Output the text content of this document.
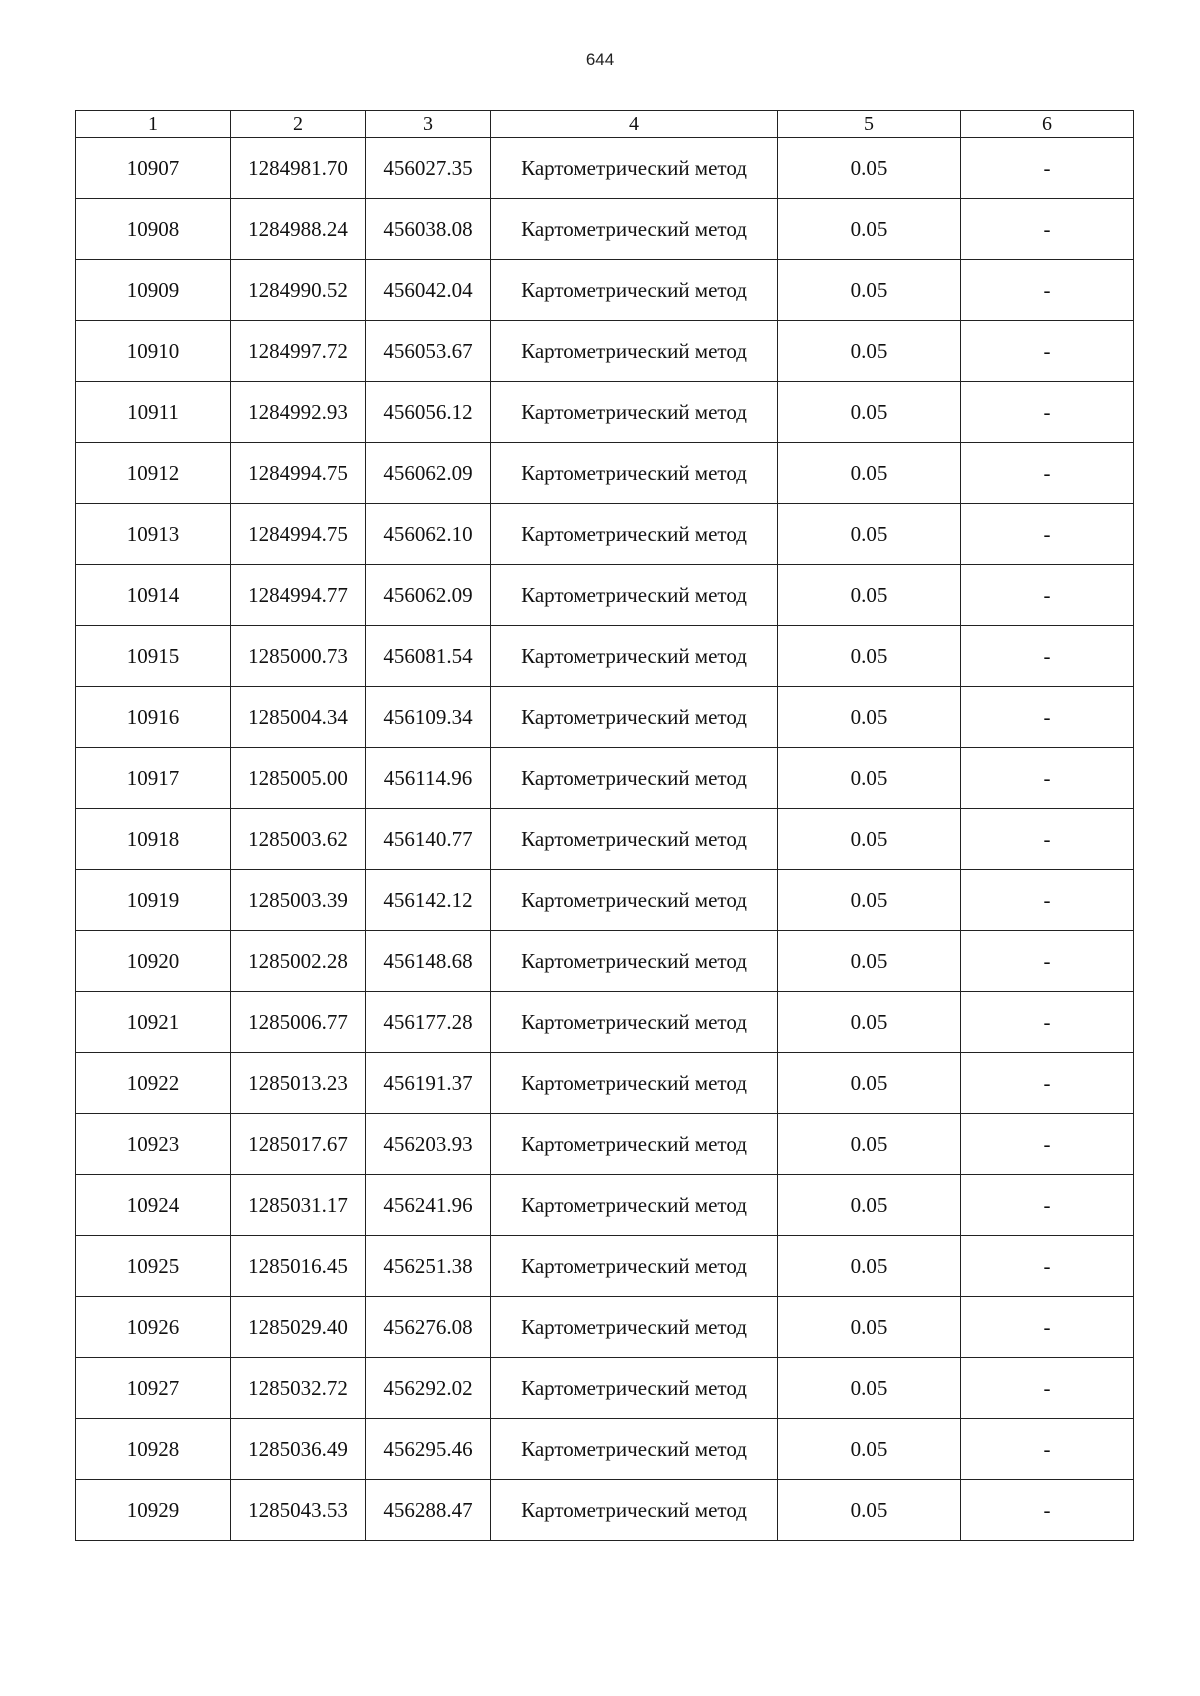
644
1	2	3	4	5	6
10907	1284981.70	456027.35	Картометрический метод	0.05	-
10908	1284988.24	456038.08	Картометрический метод	0.05	-
10909	1284990.52	456042.04	Картометрический метод	0.05	-
10910	1284997.72	456053.67	Картометрический метод	0.05	-
10911	1284992.93	456056.12	Картометрический метод	0.05	-
10912	1284994.75	456062.09	Картометрический метод	0.05	-
10913	1284994.75	456062.10	Картометрический метод	0.05	-
10914	1284994.77	456062.09	Картометрический метод	0.05	-
10915	1285000.73	456081.54	Картометрический метод	0.05	-
10916	1285004.34	456109.34	Картометрический метод	0.05	-
10917	1285005.00	456114.96	Картометрический метод	0.05	-
10918	1285003.62	456140.77	Картометрический метод	0.05	-
10919	1285003.39	456142.12	Картометрический метод	0.05	-
10920	1285002.28	456148.68	Картометрический метод	0.05	-
10921	1285006.77	456177.28	Картометрический метод	0.05	-
10922	1285013.23	456191.37	Картометрический метод	0.05	-
10923	1285017.67	456203.93	Картометрический метод	0.05	-
10924	1285031.17	456241.96	Картометрический метод	0.05	-
10925	1285016.45	456251.38	Картометрический метод	0.05	-
10926	1285029.40	456276.08	Картометрический метод	0.05	-
10927	1285032.72	456292.02	Картометрический метод	0.05	-
10928	1285036.49	456295.46	Картометрический метод	0.05	-
10929	1285043.53	456288.47	Картометрический метод	0.05	-
